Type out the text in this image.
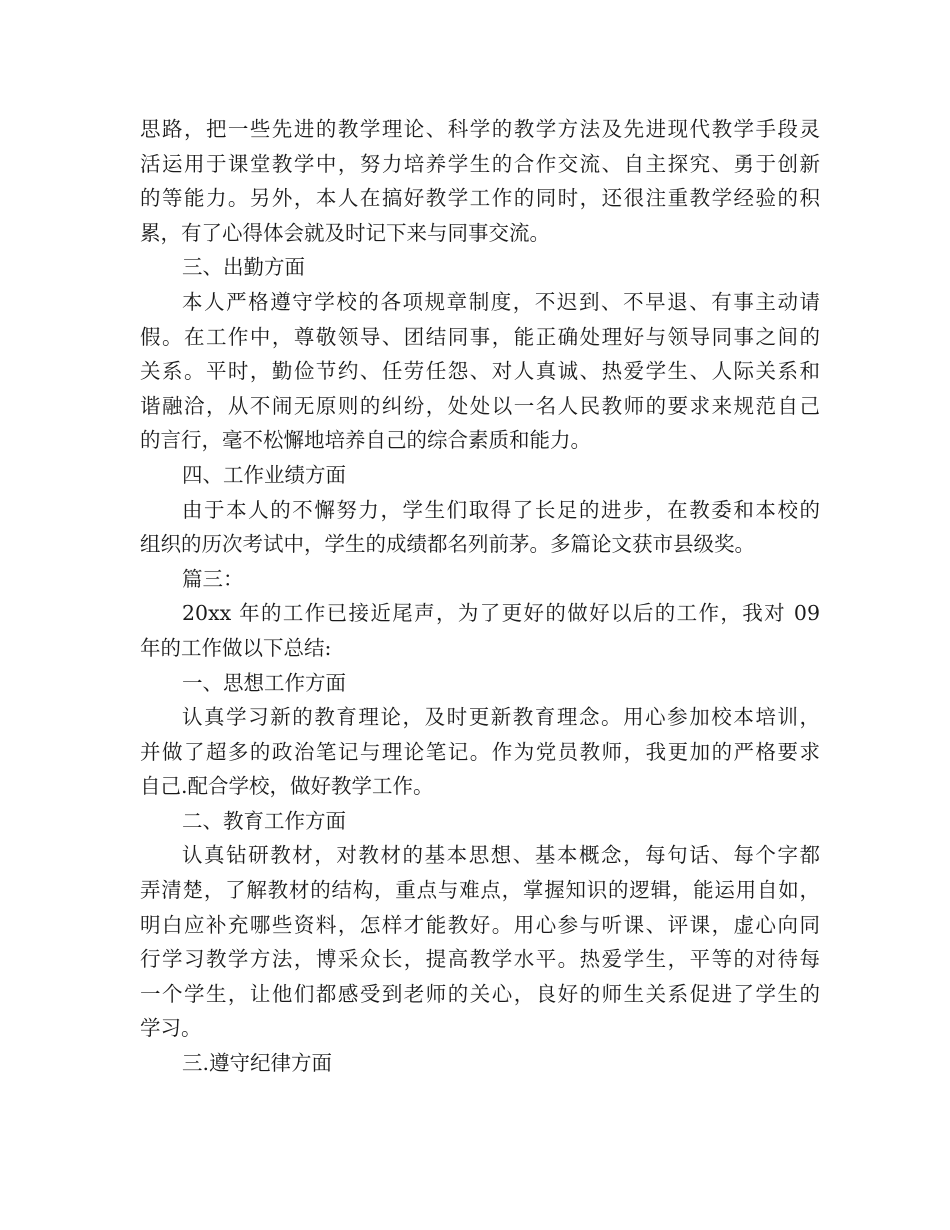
思路，把一些先进的教学理论、科学的教学方法及先进现代教学手段灵
活运用于课堂教学中，努力培养学生的合作交流、自主探究、勇于创新
的等能力。另外，本人在搞好教学工作的同时，还很注重教学经验的积
累，有了心得体会就及时记下来与同事交流。
三、出勤方面
本人严格遵守学校的各项规章制度，不迟到、不早退、有事主动请
假。在工作中，尊敬领导、团结同事，能正确处理好与领导同事之间的
关系。平时，勤俭节约、任劳任怨、对人真诚、热爱学生、人际关系和
谐融洽，从不闹无原则的纠纷，处处以一名人民教师的要求来规范自己
的言行，毫不松懈地培养自己的综合素质和能力。
四、工作业绩方面
由于本人的不懈努力，学生们取得了长足的进步，在教委和本校的
组织的历次考试中，学生的成绩都名列前茅。多篇论文获市县级奖。
篇三：
20xx 年的工作已接近尾声，为了更好的做好以后的工作，我对 09
年的工作做以下总结:
一、思想工作方面
认真学习新的教育理论，及时更新教育理念。用心参加校本培训，
并做了超多的政治笔记与理论笔记。作为党员教师，我更加的严格要求
自己.配合学校，做好教学工作。
二、教育工作方面
认真钻研教材，对教材的基本思想、基本概念，每句话、每个字都
弄清楚，了解教材的结构，重点与难点，掌握知识的逻辑，能运用自如，
明白应补充哪些资料，怎样才能教好。用心参与听课、评课，虚心向同
行学习教学方法，博采众长，提高教学水平。热爱学生，平等的对待每
一个学生，让他们都感受到老师的关心，良好的师生关系促进了学生的
学习。
三.遵守纪律方面
